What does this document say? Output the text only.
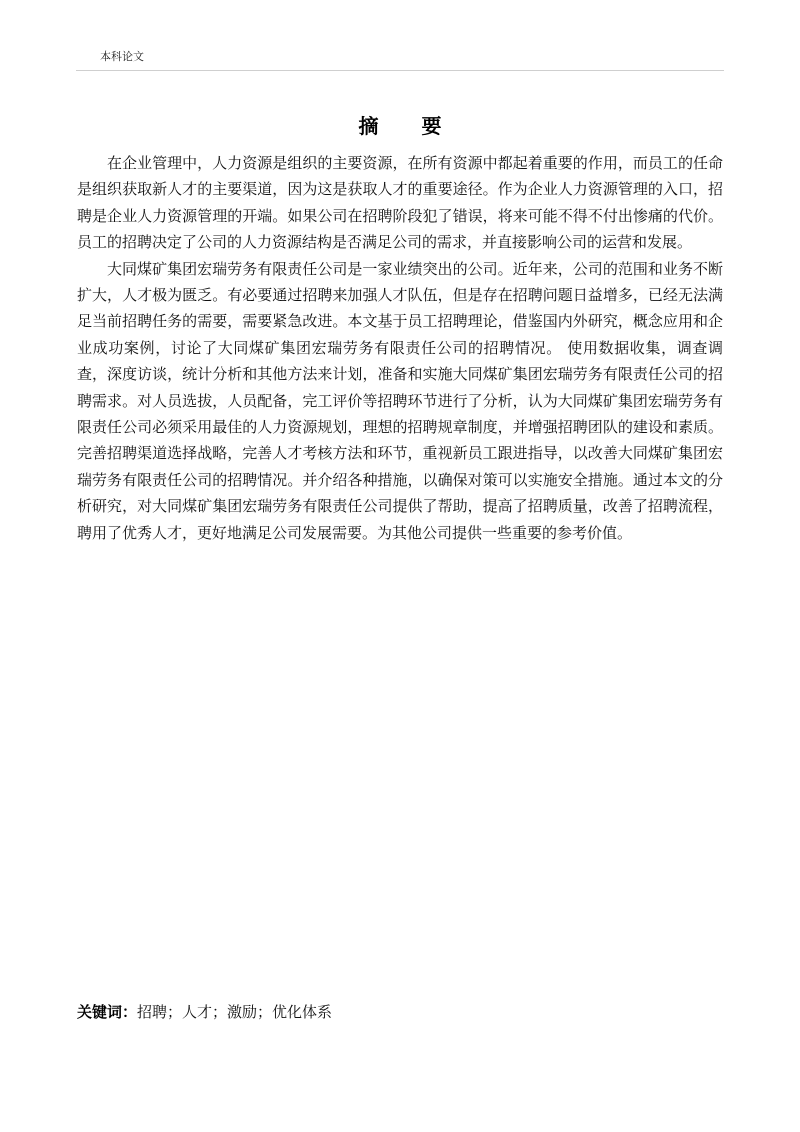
本科论文
摘 要

在企业管理中，人力资源是组织的主要资源，在所有资源中都起着重要的作用，而员工的任命是组织获取新人才的主要渠道，因为这是获取人才的重要途径。作为企业人力资源管理的入口，招聘是企业人力资源管理的开端。如果公司在招聘阶段犯了错误，将来可能不得不付出惨痛的代价。员工的招聘决定了公司的人力资源结构是否满足公司的需求，并直接影响公司的运营和发展。

大同煤矿集团宏瑞劳务有限责任公司是一家业绩突出的公司。近年来，公司的范围和业务不断扩大，人才极为匮乏。有必要通过招聘来加强人才队伍，但是存在招聘问题日益增多，已经无法满足当前招聘任务的需要，需要紧急改进。本文基于员工招聘理论，借鉴国内外研究，概念应用和企业成功案例，讨论了大同煤矿集团宏瑞劳务有限责任公司的招聘情况。 使用数据收集，调查调查，深度访谈，统计分析和其他方法来计划，准备和实施大同煤矿集团宏瑞劳务有限责任公司的招聘需求。对人员选拔，人员配备，完工评价等招聘环节进行了分析，认为大同煤矿集团宏瑞劳务有限责任公司必须采用最佳的人力资源规划，理想的招聘规章制度，并增强招聘团队的建设和素质。完善招聘渠道选择战略，完善人才考核方法和环节，重视新员工跟进指导，以改善大同煤矿集团宏瑞劳务有限责任公司的招聘情况。并介绍各种措施，以确保对策可以实施安全措施。通过本文的分析研究，对大同煤矿集团宏瑞劳务有限责任公司提供了帮助，提高了招聘质量，改善了招聘流程，聘用了优秀人才，更好地满足公司发展需要。为其他公司提供一些重要的参考价值。

关键词：招聘；人才；激励；优化体系
